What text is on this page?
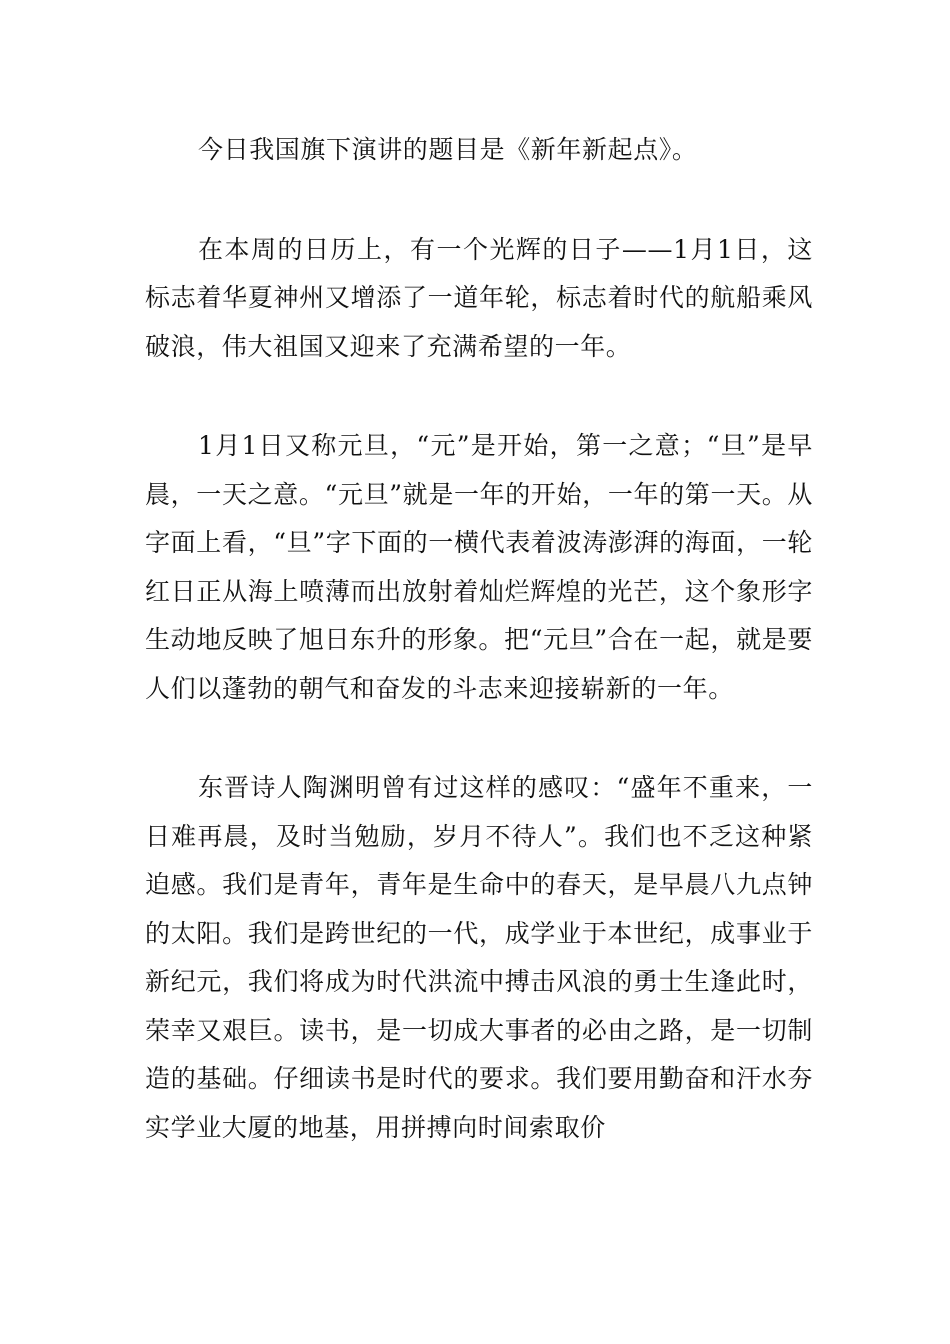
今日我国旗下演讲的题目是《新年新起点》。

在本周的日历上，有一个光辉的日子——1月1日，这标志着华夏神州又增添了一道年轮，标志着时代的航船乘风破浪，伟大祖国又迎来了充满希望的一年。

1月1日又称元旦，“元”是开始，第一之意；“旦”是早晨，一天之意。“元旦”就是一年的开始，一年的第一天。从字面上看，“旦”字下面的一横代表着波涛澎湃的海面，一轮红日正从海上喷薄而出放射着灿烂辉煌的光芒，这个象形字生动地反映了旭日东升的形象。把“元旦”合在一起，就是要人们以蓬勃的朝气和奋发的斗志来迎接崭新的一年。

东晋诗人陶渊明曾有过这样的感叹：“盛年不重来，一日难再晨，及时当勉励，岁月不待人”。我们也不乏这种紧迫感。我们是青年，青年是生命中的春天，是早晨八九点钟的太阳。我们是跨世纪的一代，成学业于本世纪，成事业于新纪元，我们将成为时代洪流中搏击风浪的勇士生逢此时，荣幸又艰巨。读书，是一切成大事者的必由之路，是一切制造的基础。仔细读书是时代的要求。我们要用勤奋和汗水夯实学业大厦的地基，用拼搏向时间索取价
